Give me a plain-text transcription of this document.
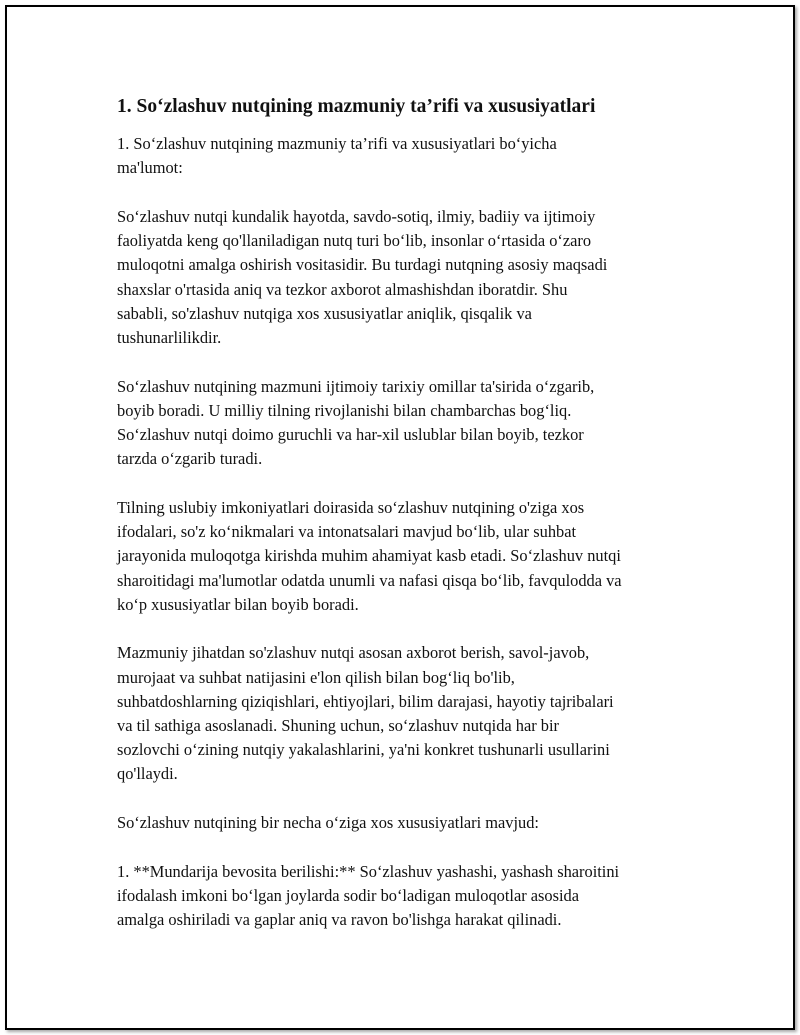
1. So‘zlashuv nutqining mazmuniy ta’rifi va xususiyatlari
1. So‘zlashuv nutqining mazmuniy ta’rifi va xususiyatlari bo‘yicha
ma'lumot:
So‘zlashuv nutqi kundalik hayotda, savdo-sotiq, ilmiy, badiiy va ijtimoiy
faoliyatda keng qo'llaniladigan nutq turi bo‘lib, insonlar o‘rtasida o‘zaro
muloqotni amalga oshirish vositasidir. Bu turdagi nutqning asosiy maqsadi
shaxslar o'rtasida aniq va tezkor axborot almashishdan iboratdir. Shu
sababli, so'zlashuv nutqiga xos xususiyatlar aniqlik, qisqalik va
tushunarlilikdir.
So‘zlashuv nutqining mazmuni ijtimoiy tarixiy omillar ta'sirida o‘zgarib,
boyib boradi. U milliy tilning rivojlanishi bilan chambarchas bog‘liq.
So‘zlashuv nutqi doimo guruchli va har-xil uslublar bilan boyib, tezkor
tarzda o‘zgarib turadi.
Tilning uslubiy imkoniyatlari doirasida so‘zlashuv nutqining o'ziga xos
ifodalari, so'z ko‘nikmalari va intonatsalari mavjud bo‘lib, ular suhbat
jarayonida muloqotga kirishda muhim ahamiyat kasb etadi. So‘zlashuv nutqi
sharoitidagi ma'lumotlar odatda unumli va nafasi qisqa bo‘lib, favqulodda va
ko‘p xususiyatlar bilan boyib boradi.
Mazmuniy jihatdan so'zlashuv nutqi asosan axborot berish, savol-javob,
murojaat va suhbat natijasini e'lon qilish bilan bog‘liq bo'lib,
suhbatdoshlarning qiziqishlari, ehtiyojlari, bilim darajasi, hayotiy tajribalari
va til sathiga asoslanadi. Shuning uchun, so‘zlashuv nutqida har bir
sozlovchi o‘zining nutqiy yakalashlarini, ya'ni konkret tushunarli usullarini
qo'llaydi.
So‘zlashuv nutqining bir necha o‘ziga xos xususiyatlari mavjud:
1. **Mundarija bevosita berilishi:** So‘zlashuv yashashi, yashash sharoitini
ifodalash imkoni bo‘lgan joylarda sodir bo‘ladigan muloqotlar asosida
amalga oshiriladi va gaplar aniq va ravon bo'lishga harakat qilinadi.
